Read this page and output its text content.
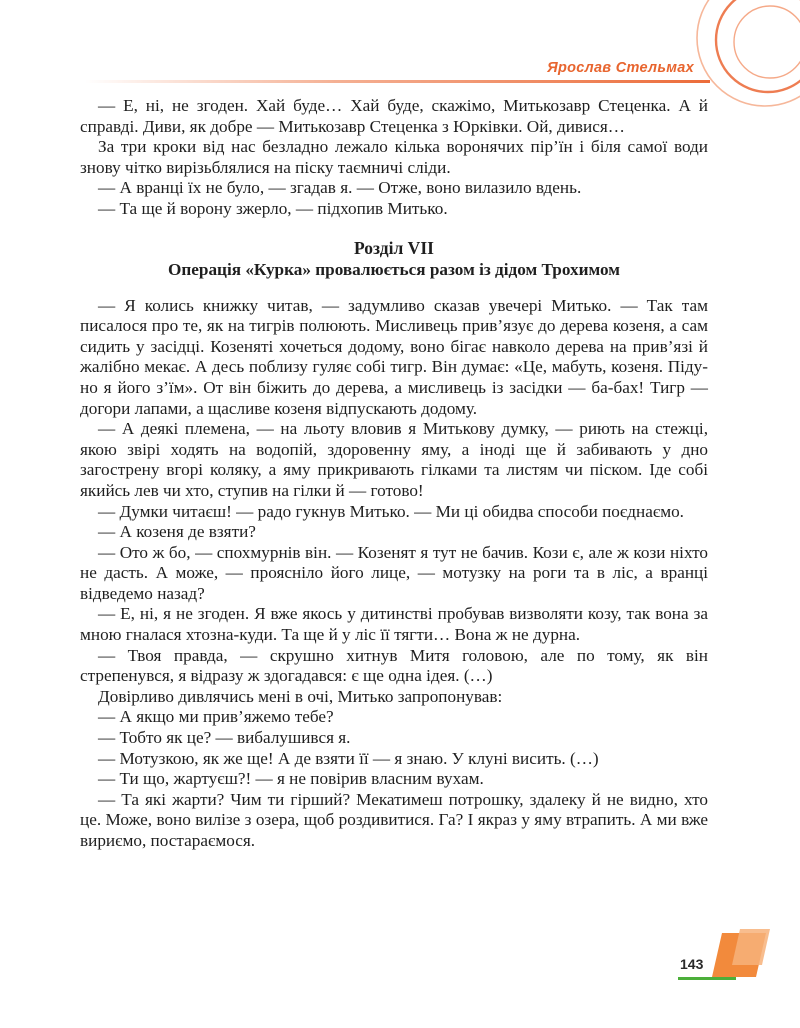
Ярослав Стельмах

— Е, ні, не згоден. Хай буде… Хай буде, скажімо, Митькозавр Стеценка. А й справді. Диви, як добре — Митькозавр Стеценка з Юрківки. Ой, дивися…

За три кроки від нас безладно лежало кілька воронячих пір’їн і біля самої води знову чітко вирізьблялися на піску таємничі сліди.

— А вранці їх не було, — згадав я. — Отже, воно вилазило вдень.

— Та ще й ворону зжерло, — підхопив Митько.

Розділ VII
Операція «Курка» провалюється разом із дідом Трохимом

— Я колись книжку читав, — задумливо сказав увечері Митько. — Так там писалося про те, як на тигрів полюють. Мисливець прив’язує до дерева козеня, а сам сидить у засідці. Козеняті хочеться додому, воно бігає навколо дерева на прив’язі й жалібно мекає. А десь поблизу гуляє собі тигр. Він думає: «Це, мабуть, козеня. Піду-но я його з’їм». От він біжить до дерева, а мисливець із засідки — ба-бах! Тигр — догори лапами, а щасливе козеня відпускають додому.

— А деякі племена, — на льоту вловив я Митькову думку, — риють на стежці, якою звірі ходять на водопій, здоровенну яму, а іноді ще й забивають у дно загострену вгорі коляку, а яму прикривають гілками та листям чи піском. Іде собі якийсь лев чи хто, ступив на гілки й — готово!

— Думки читаєш! — радо гукнув Митько. — Ми ці обидва способи поєднаємо.

— А козеня де взяти?

— Ото ж бо, — спохмурнів він. — Козенят я тут не бачив. Кози є, але ж кози ніхто не дасть. А може, — прояснілo його лице, — мотузку на роги та в ліс, а вранці відведемо назад?

— Е, ні, я не згоден. Я вже якось у дитинстві пробував визволяти козу, так вона за мною гналася хтозна-куди. Та ще й у ліс її тягти… Вона ж не дурна.

— Твоя правда, — скрушно хитнув Митя головою, але по тому, як він стрепенувся, я відразу ж здогадався: є ще одна ідея. (…)

Довірливо дивлячись мені в очі, Митько запропонував:

— А якщо ми прив’яжемо тебе?

— Тобто як це? — вибалушився я.

— Мотузкою, як же ще! А де взяти її — я знаю. У клуні висить. (…)

— Ти що, жартуєш?! — я не повірив власним вухам.

— Та які жарти? Чим ти гірший? Мекатимеш потрошку, здалеку й не видно, хто це. Може, воно вилізе з озера, щоб роздивитися. Га? І якраз у яму втрапить. А ми вже вириємо, постараємося.

143
